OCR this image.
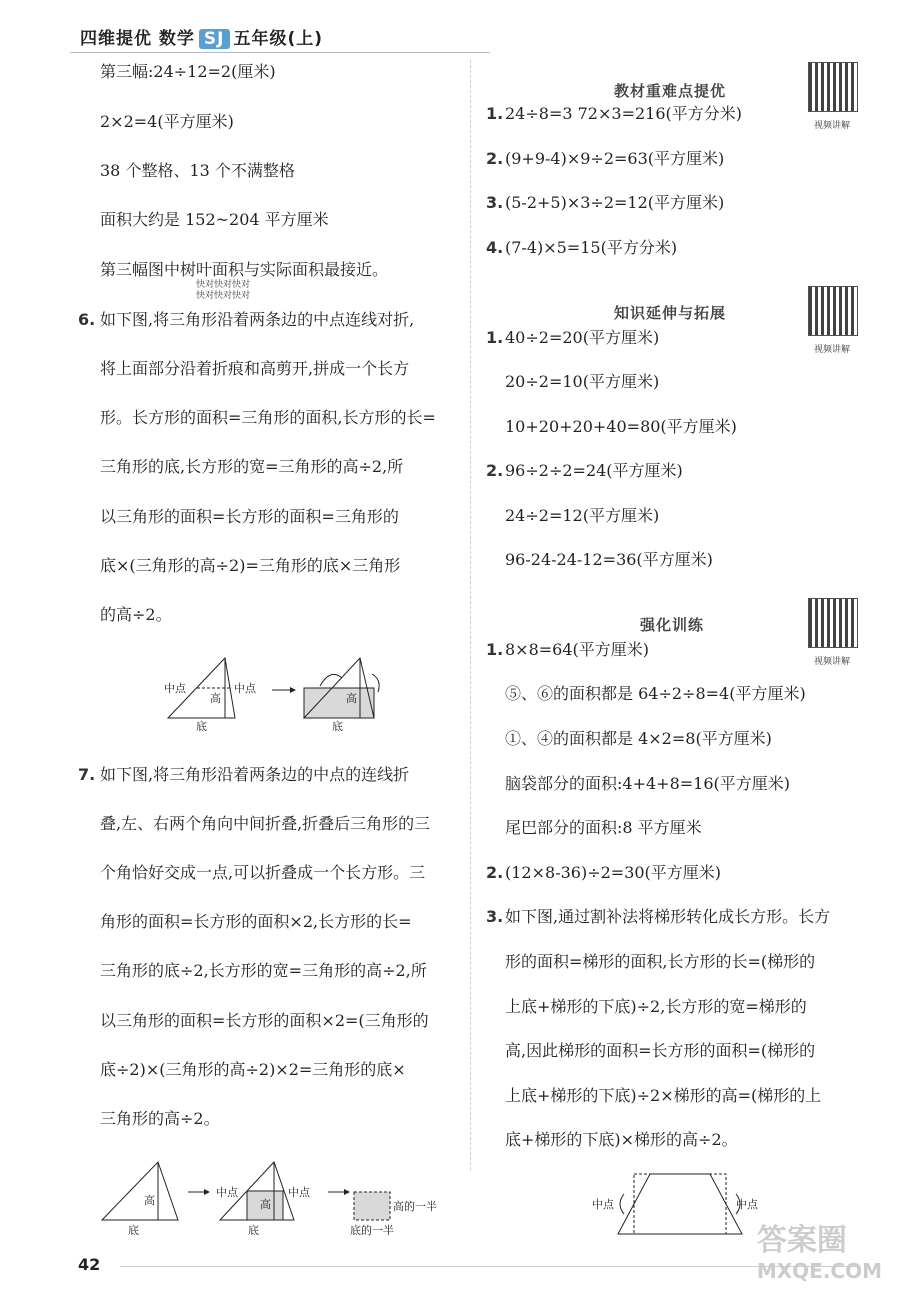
四维提优 数学 SJ 五年级(上)
第三幅:24÷12=2(厘米)
2×2=4(平方厘米)
38 个整格、13 个不满整格
面积大约是 152~204 平方厘米
第三幅图中树叶面积与实际面积最接近。
快对快对快对
快对快对快对
6. 如下图,将三角形沿着两条边的中点连线对折,
将上面部分沿着折痕和高剪开,拼成一个长方
形。长方形的面积=三角形的面积,长方形的长=
三角形的底,长方形的宽=三角形的高÷2,所
以三角形的面积=长方形的面积=三角形的
底×(三角形的高÷2)=三角形的底×三角形
的高÷2。
中点	中点
高
底
高
底
7. 如下图,将三角形沿着两条边的中点的连线折
叠,左、右两个角向中间折叠,折叠后三角形的三
个角恰好交成一点,可以折叠成一个长方形。三
角形的面积=长方形的面积×2,长方形的长=
三角形的底÷2,长方形的宽=三角形的高÷2,所
以三角形的面积=长方形的面积×2=(三角形的
底÷2)×(三角形的高÷2)×2=三角形的底×
三角形的高÷2。
高
底
中点	中点
高
底
高的一半
底的一半
教材重难点提优
视频讲解
1. 24÷8=3 72×3=216(平方分米)
2. (9+9-4)×9÷2=63(平方厘米)
3. (5-2+5)×3÷2=12(平方厘米)
4. (7-4)×5=15(平方分米)
知识延伸与拓展
视频讲解
1. 40÷2=20(平方厘米)
20÷2=10(平方厘米)
10+20+20+40=80(平方厘米)
2. 96÷2÷2=24(平方厘米)
24÷2=12(平方厘米)
96-24-24-12=36(平方厘米)
强化训练
视频讲解
1. 8×8=64(平方厘米)
⑤、⑥的面积都是 64÷2÷8=4(平方厘米)
①、④的面积都是 4×2=8(平方厘米)
脑袋部分的面积:4+4+8=16(平方厘米)
尾巴部分的面积:8 平方厘米
2. (12×8-36)÷2=30(平方厘米)
3. 如下图,通过割补法将梯形转化成长方形。长方
形的面积=梯形的面积,长方形的长=(梯形的
上底+梯形的下底)÷2,长方形的宽=梯形的
高,因此梯形的面积=长方形的面积=(梯形的
上底+梯形的下底)÷2×梯形的高=(梯形的上
底+梯形的下底)×梯形的高÷2。
中点	中点
42
答案圈
MXQE.COM
